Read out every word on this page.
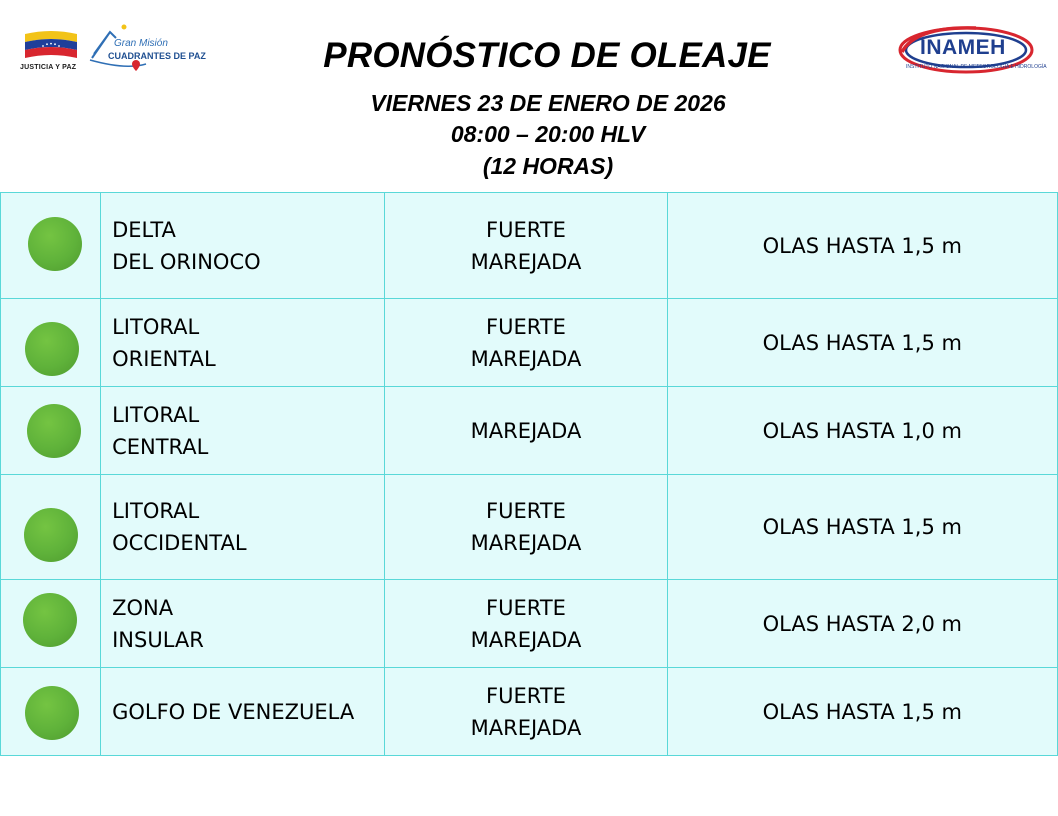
JUSTICIA Y PAZ
Gran Misión
CUADRANTES DE PAZ	INAMEH
INSTITUTO NACIONAL DE METEOROLOGÍA E HIDROLOGÍA
PRONÓSTICO DE OLEAJE
VIERNES 23 DE ENERO DE 2026
08:00 – 20:00 HLV
(12 HORAS)

	DELTA
DEL ORINOCO	FUERTE
MAREJADA	OLAS HASTA 1,5 m

	LITORAL
ORIENTAL	FUERTE
MAREJADA	OLAS HASTA 1,5 m

	LITORAL
CENTRAL	MAREJADA	OLAS HASTA 1,0 m

	LITORAL
OCCIDENTAL	FUERTE
MAREJADA	OLAS HASTA 1,5 m

	ZONA
INSULAR	FUERTE
MAREJADA	OLAS HASTA 2,0 m

	GOLFO DE VENEZUELA	FUERTE
MAREJADA	OLAS HASTA 1,5 m
